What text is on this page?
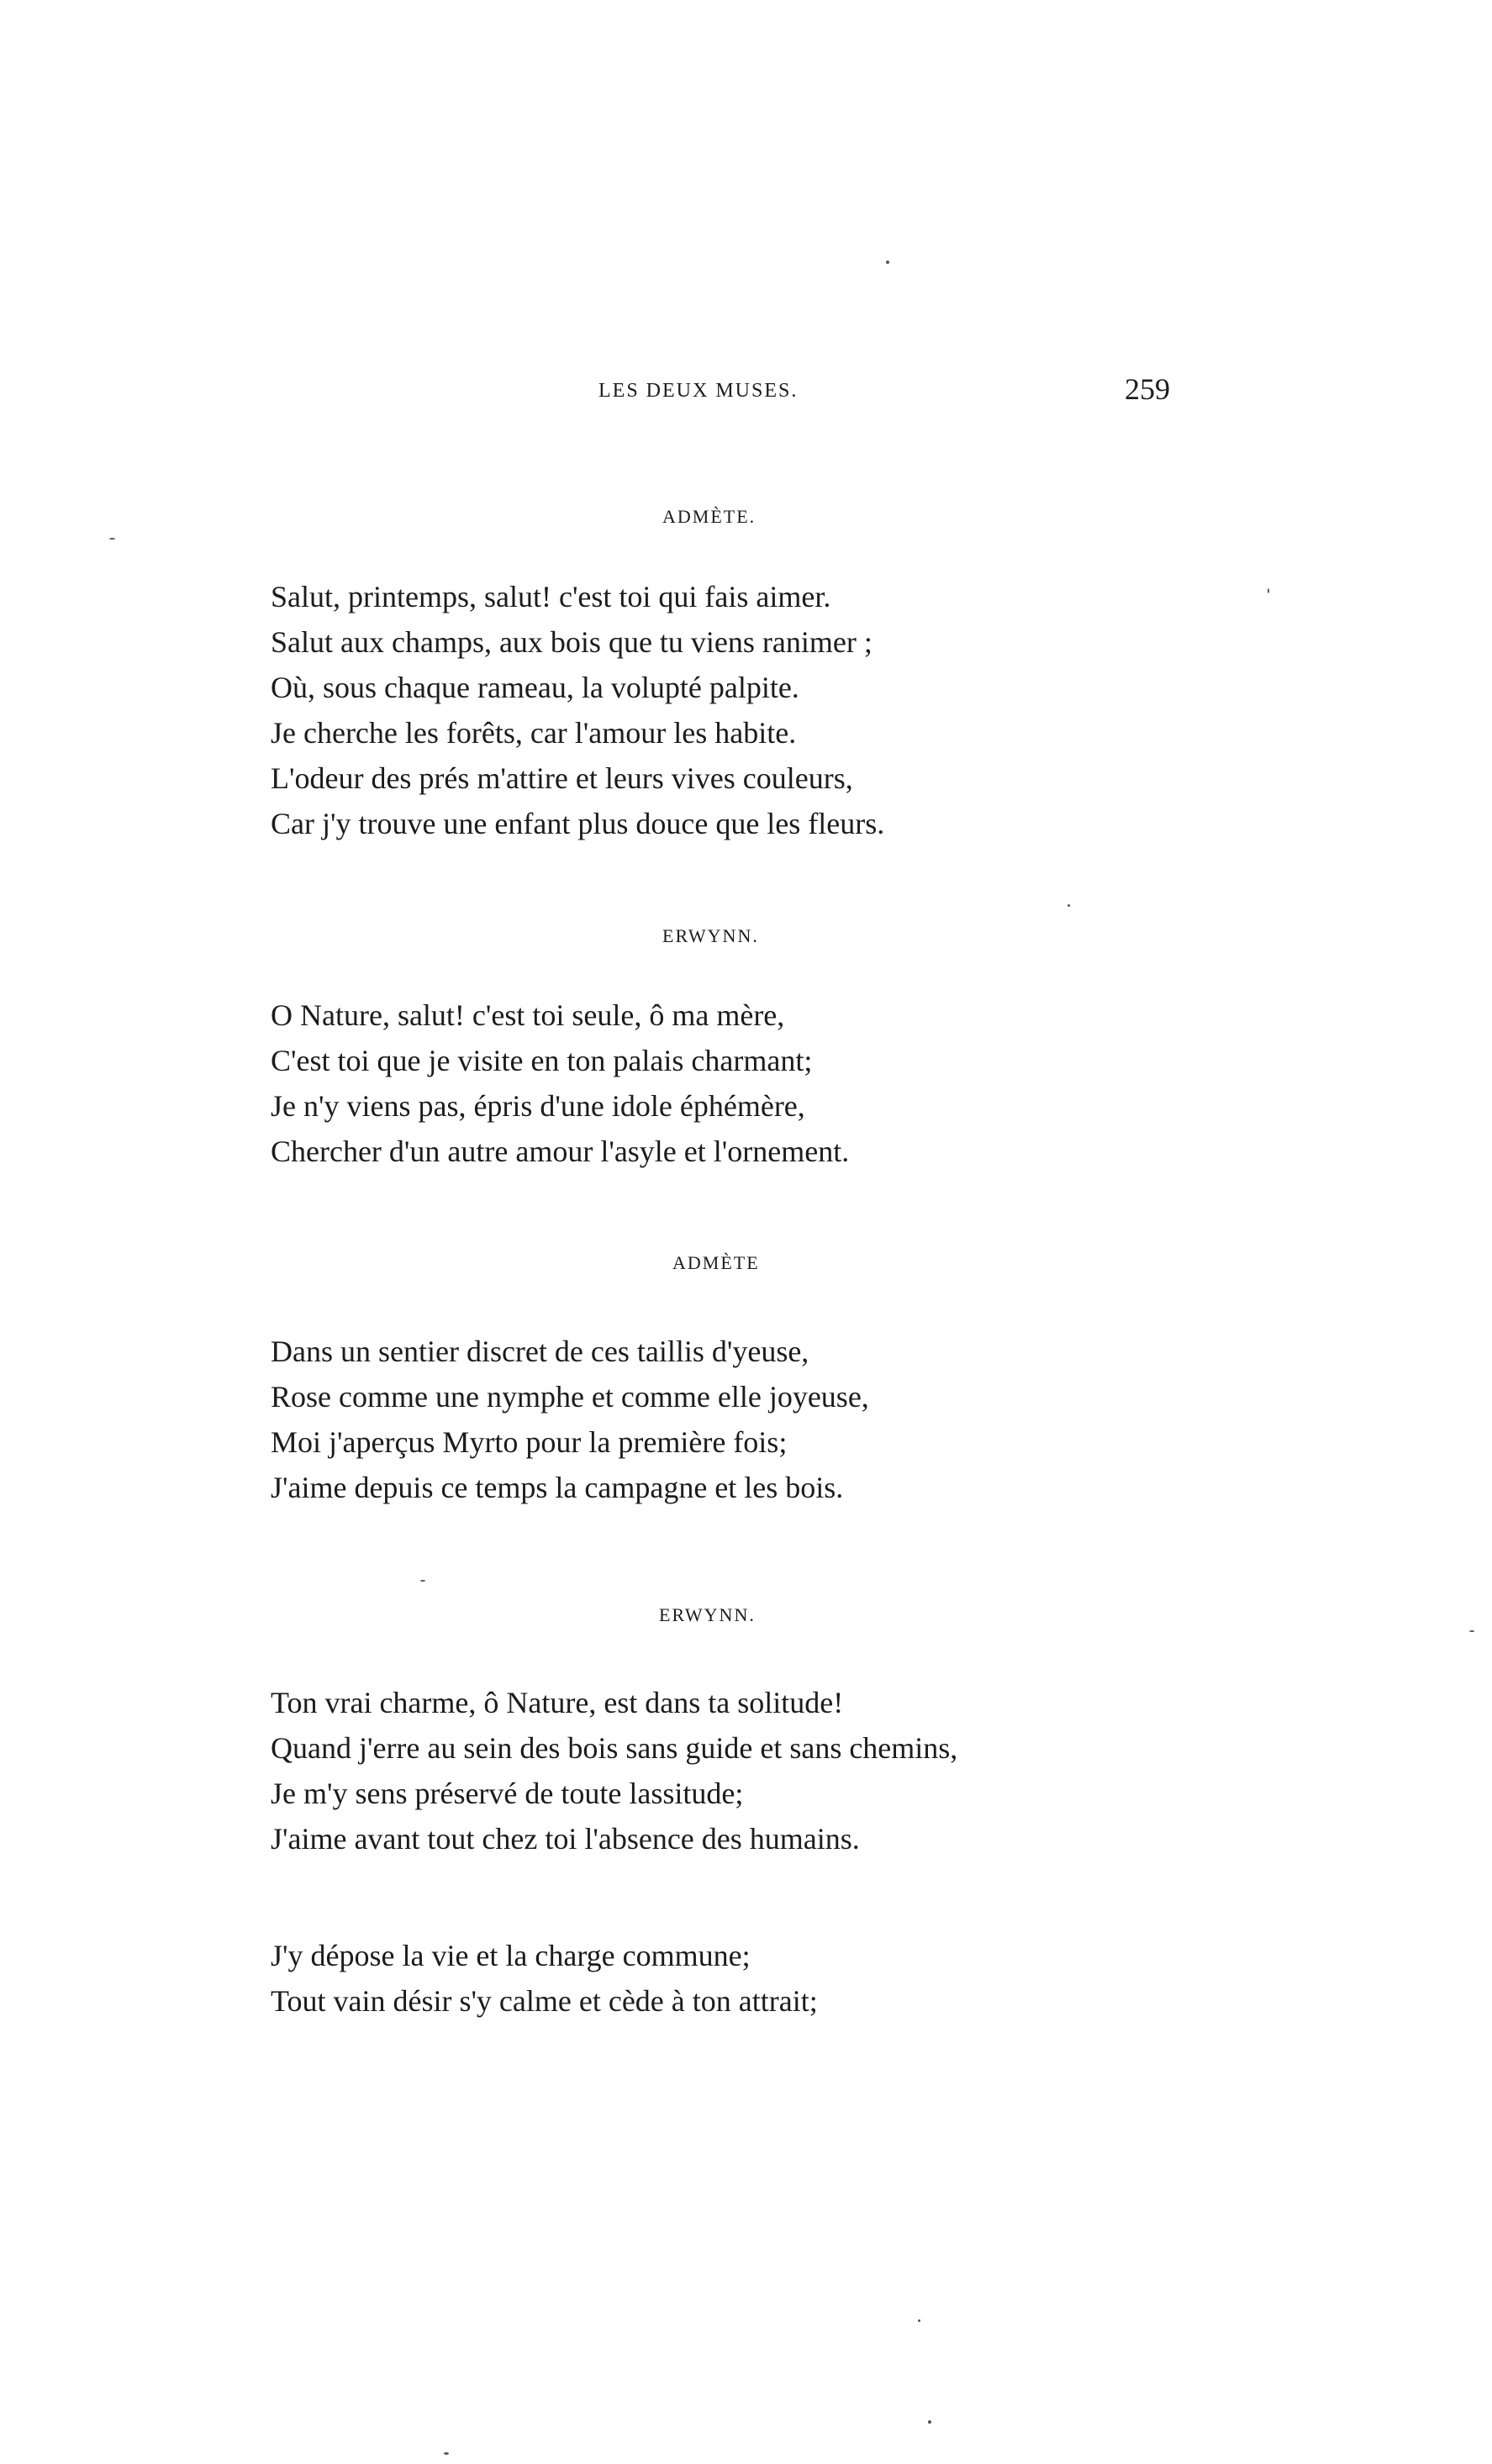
LES DEUX MUSES.	259
ADMÈTE.
Salut, printemps, salut! c'est toi qui fais aimer.
Salut aux champs, aux bois que tu viens ranimer ;
Où, sous chaque rameau, la volupté palpite.
Je cherche les forêts, car l'amour les habite.
L'odeur des prés m'attire et leurs vives couleurs,
Car j'y trouve une enfant plus douce que les fleurs.
ERWYNN.
O Nature, salut! c'est toi seule, ô ma mère,
C'est toi que je visite en ton palais charmant;
Je n'y viens pas, épris d'une idole éphémère,
Chercher d'un autre amour l'asyle et l'ornement.
ADMÈTE
Dans un sentier discret de ces taillis d'yeuse,
Rose comme une nymphe et comme elle joyeuse,
Moi j'aperçus Myrto pour la première fois;
J'aime depuis ce temps la campagne et les bois.
ERWYNN.
Ton vrai charme, ô Nature, est dans ta solitude!
Quand j'erre au sein des bois sans guide et sans chemins,
Je m'y sens préservé de toute lassitude;
J'aime avant tout chez toi l'absence des humains.
J'y dépose la vie et la charge commune;
Tout vain désir s'y calme et cède à ton attrait;
